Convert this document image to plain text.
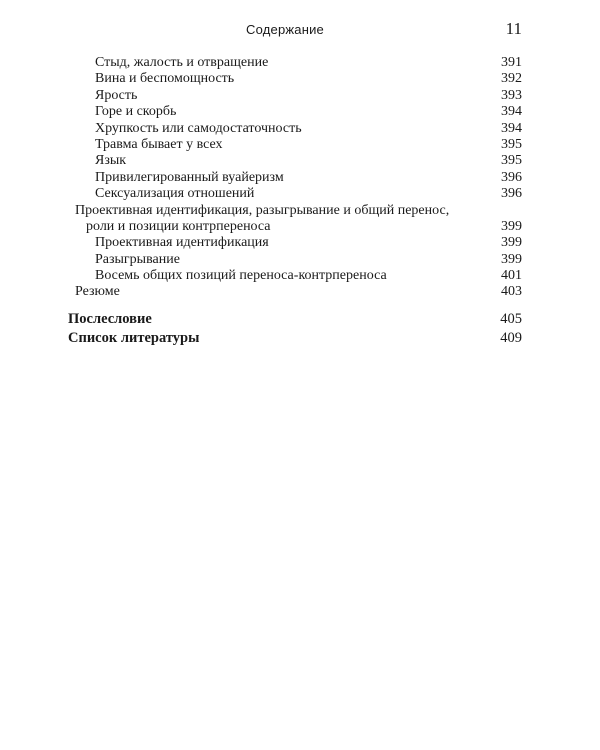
Содержание	11
Стыд, жалость и отвращение	391
Вина и беспомощность	392
Ярость	393
Горе и скорбь	394
Хрупкость или самодостаточность	394
Травма бывает у всех	395
Язык	395
Привилегированный вуайеризм	396
Сексуализация отношений	396
Проективная идентификация, разыгрывание и общий перенос,
роли и позиции контрпереноса	399
Проективная идентификация	399
Разыгрывание	399
Восемь общих позиций переноса-контрпереноса	401
Резюме	403
Послесловие	405
Список литературы	409
